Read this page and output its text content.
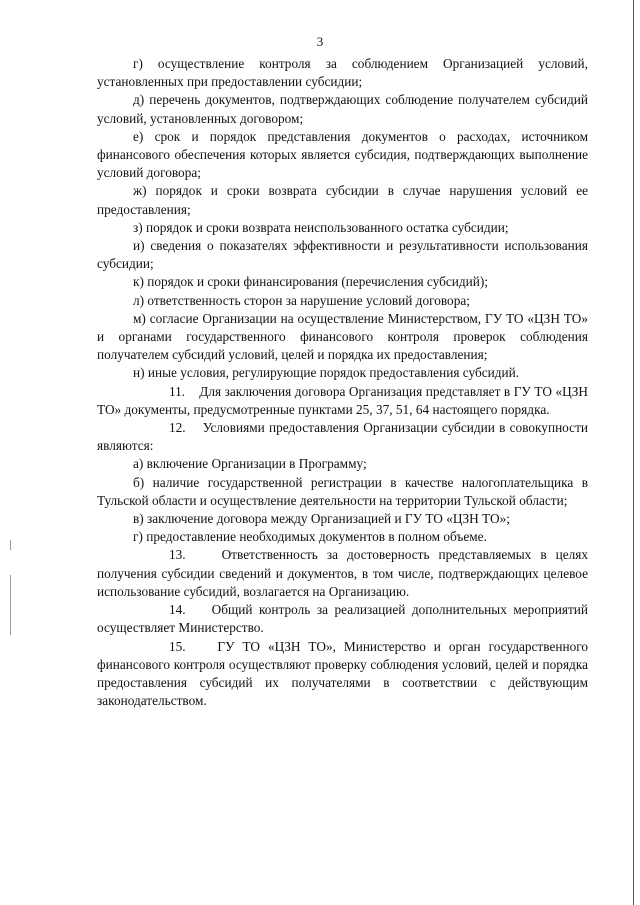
3

г) осуществление контроля за соблюдением Организацией условий, установленных при предоставлении субсидии;

д) перечень документов, подтверждающих соблюдение получателем субсидий условий, установленных договором;

е) срок и порядок представления документов о расходах, источником финансового обеспечения которых является субсидия, подтверждающих выполнение условий договора;

ж) порядок и сроки возврата субсидии в случае нарушения условий ее предоставления;

з) порядок и сроки возврата неиспользованного остатка субсидии;

и) сведения о показателях эффективности и результативности использования субсидии;

к) порядок и сроки финансирования (перечисления субсидий);

л) ответственность сторон за нарушение условий договора;

м) согласие Организации на осуществление Министерством, ГУ ТО «ЦЗН ТО» и органами государственного финансового контроля проверок соблюдения получателем субсидий условий, целей и порядка их предоставления;

н) иные условия, регулирующие порядок предоставления субсидий.

11. Для заключения договора Организация представляет в ГУ ТО «ЦЗН ТО» документы, предусмотренные пунктами 25, 37, 51, 64 настоящего порядка.

12. Условиями предоставления Организации субсидии в совокупности являются:

а) включение Организации в Программу;

б) наличие государственной регистрации в качестве налогоплательщика в Тульской области и осуществление деятельности на территории Тульской области;

в) заключение договора между Организацией и ГУ ТО «ЦЗН ТО»;

г) предоставление необходимых документов в полном объеме.

13.	Ответственность за достоверность представляемых в целях получения субсидии сведений и документов, в том числе, подтверждающих целевое использование субсидий, возлагается на Организацию.

14. Общий контроль за реализацией дополнительных мероприятий осуществляет Министерство.

15. ГУ ТО «ЦЗН ТО», Министерство и орган государственного финансового контроля осуществляют проверку соблюдения условий, целей и порядка предоставления субсидий их получателями в соответствии с действующим законодательством.
